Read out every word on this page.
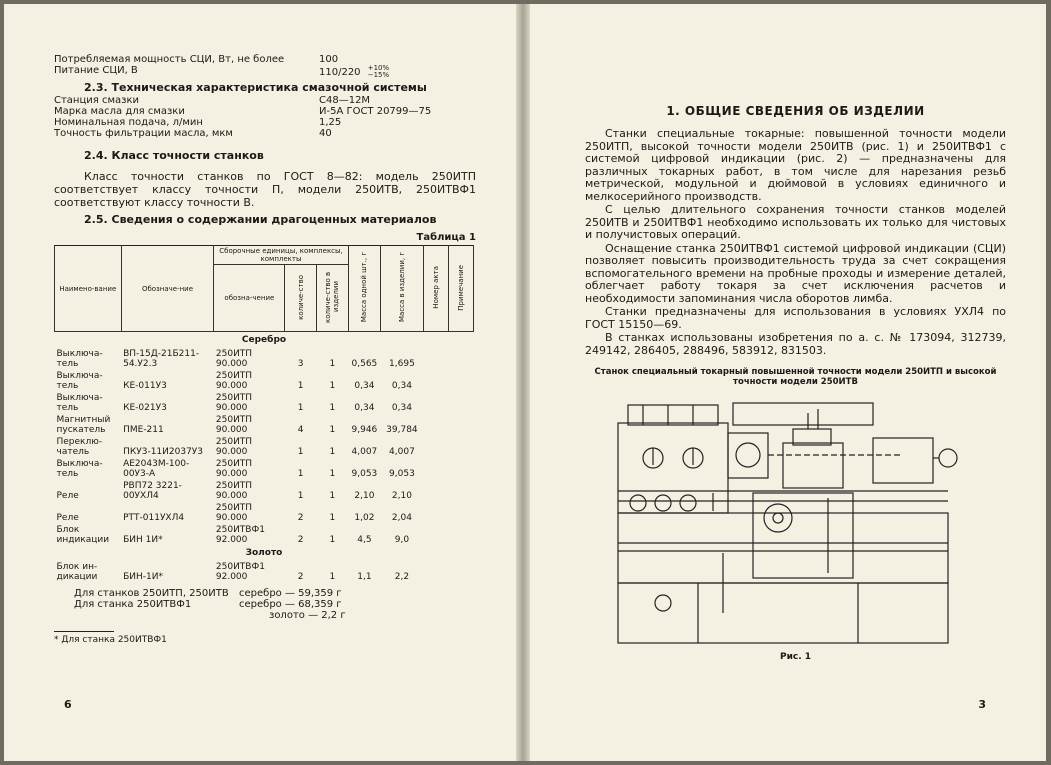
Потребляемая мощность СЦИ, Вт, не более	100
Питание СЦИ, В	110/220 +10%
−15%
2.3. Техническая характеристика смазочной системы
Станция смазки	С48—12М
Марка масла для смазки	И-5А ГОСТ 20799—75
Номинальная подача, л/мин	1,25
Точность фильтрации масла, мкм	40
2.4. Класс точности станков

Класс точности станков по ГОСТ 8—82: модель 250ИТП соответствует классу точности П, модели 250ИТВ, 250ИТВФ1 соответствуют классу точности В.

2.5. Сведения о содержании драгоценных материалов
Таблица 1
Наимено-вание	Обозначе-ние	Сборочные единицы, комплексы, комплекты			Масса одной шт., г	Масса в изделии, г	Номер акта	Примечание
		обозна-чение	количе-ство	количе-ство в изделии				
Серебро								
Выключа-тель	ВП-15Д-21Б211-54.У2.3	250ИТП 90.000	3	1	0,565	1,695		
Выключа-тель	КЕ-011У3	250ИТП 90.000	1	1	0,34	0,34		
Выключа-тель	КЕ-021У3	250ИТП 90.000	1	1	0,34	0,34		
Магнитный пускатель	ПМЕ-211	250ИТП 90.000	4	1	9,946	39,784		
Переклю-чатель	ПКУ3-11И2037У3	250ИТП 90.000	1	1	4,007	4,007		
Выключа-тель	АЕ2043М-100-00У3-А	250ИТП 90.000	1	1	9,053	9,053		
Реле	РВП72 3221-00УХЛ4	250ИТП 90.000	1	1	2,10	2,10		
Реле	РТТ-011УХЛ4	250ИТП 90.000	2	1	1,02	2,04		
Блок индикации	БИН 1И*	250ИТВФ1 92.000	2	1	4,5	9,0		
Золото								
Блок ин-дикации	БИН-1И*	250ИТВФ1 92.000	2	1	1,1	2,2		
Для станков 250ИТП, 250ИТВ	серебро — 59,359 г
Для станка 250ИТВФ1	серебро — 68,359 г
золото — 2,2 г
* Для станка 250ИТВФ1
6
1. ОБЩИЕ СВЕДЕНИЯ ОБ ИЗДЕЛИИ

Станки специальные токарные: повышенной точности модели 250ИТП, высокой точности модели 250ИТВ (рис. 1) и 250ИТВФ1 с системой цифровой индикации (рис. 2) — предназначены для различных токарных работ, в том числе для нарезания резьб метрической, модульной и дюймовой в условиях единичного и мелкосерийного производств.

С целью длительного сохранения точности станков моделей 250ИТВ и 250ИТВФ1 необходимо использовать их только для чистовых и получистовых операций.

Оснащение станка 250ИТВФ1 системой цифровой индикации (СЦИ) позволяет повысить производительность труда за счет сокращения вспомогательного времени на пробные проходы и измерение деталей, облегчает работу токаря за счет исключения расчетов и необходимости запоминания числа оборотов лимба.

Станки предназначены для использования в условиях УХЛ4 по ГОСТ 15150—69.

В станках использованы изобретения по а. с. № 173094, 312739, 249142, 286405, 288496, 583912, 831503.

Станок специальный токарный повышенной точности модели 250ИТП и высокой точности модели 250ИТВ
Рис. 1
3
